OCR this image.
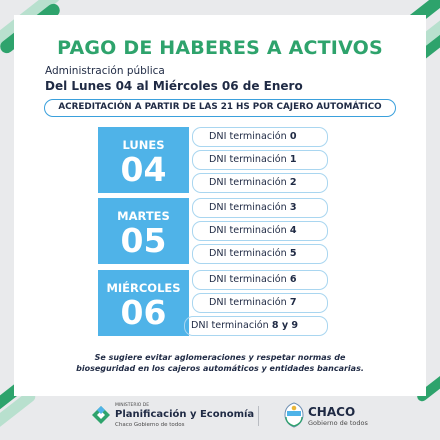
PAGO DE HABERES A ACTIVOS
Administración pública
Del Lunes 04 al Miércoles 06 de Enero
ACREDITACIÓN A PARTIR DE LAS 21 HS POR CAJERO AUTOMÁTICO
LUNES
04
DNI terminación 0
DNI terminación 1
DNI terminación 2
MARTES
05
DNI terminación 3
DNI terminación 4
DNI terminación 5
MIÉRCOLES
06
DNI terminación 6
DNI terminación 7
DNI terminación 8 y 9
Se sugiere evitar aglomeraciones y respetar normas de bioseguridad en los cajeros automáticos y entidades bancarias.
MINISTERIO DE
Planificación y Economía
Chaco Gobierno de todos
CHACO
Gobierno de todos
